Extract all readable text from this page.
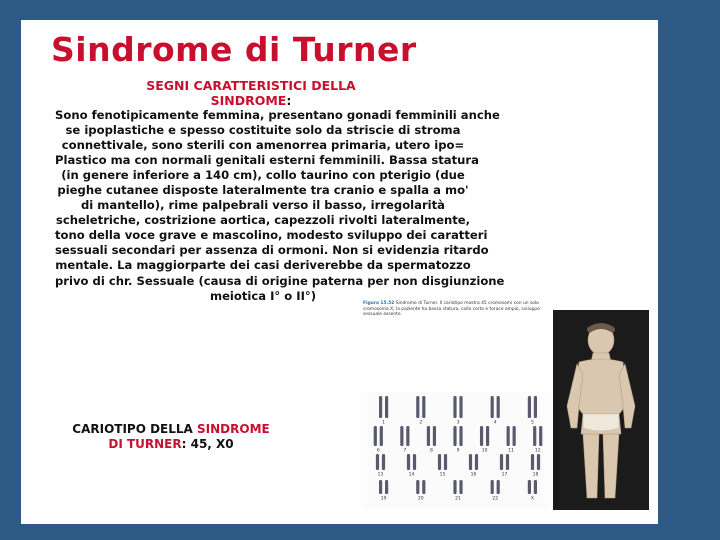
Sindrome di Turner
SEGNI CARATTERISTICI DELLA
SINDROME:
Sono fenotipicamente femmina, presentano gonadi femminili anche
se ipoplastiche e spesso costituite solo da striscie di stroma
connettivale, sono sterili con amenorrea primaria, utero ipo=
Plastico ma con normali genitali esterni femminili. Bassa statura
(in genere inferiore a 140 cm), collo taurino con pterigio (due
pieghe cutanee disposte lateralmente tra cranio e spalla a mo'
di mantello), rime palpebrali verso il basso, irregolarità
scheletriche, costrizione aortica, capezzoli rivolti lateralmente,
tono della voce grave e mascolino, modesto sviluppo dei caratteri
sessuali secondari per assenza di ormoni. Non si evidenzia ritardo
mentale. La maggiorparte dei casi deriverebbe da spermatozzo
privo di chr. Sessuale (causa di origine paterna per non disgiunzione
meiotica I° o II°)
CARIOTIPO DELLA SINDROME
DI TURNER: 45, X0
Figura 15.52 Sindrome di Turner. Il cariotipo mostra 45 cromosomi con un solo cromosoma X; la paziente ha bassa statura, collo corto e torace ampio, sviluppo sessuale assente.
1	2	3	4	5
6	7	8	9	10	11	12
13	14	15	16	17	18
19	20	21	22	X
